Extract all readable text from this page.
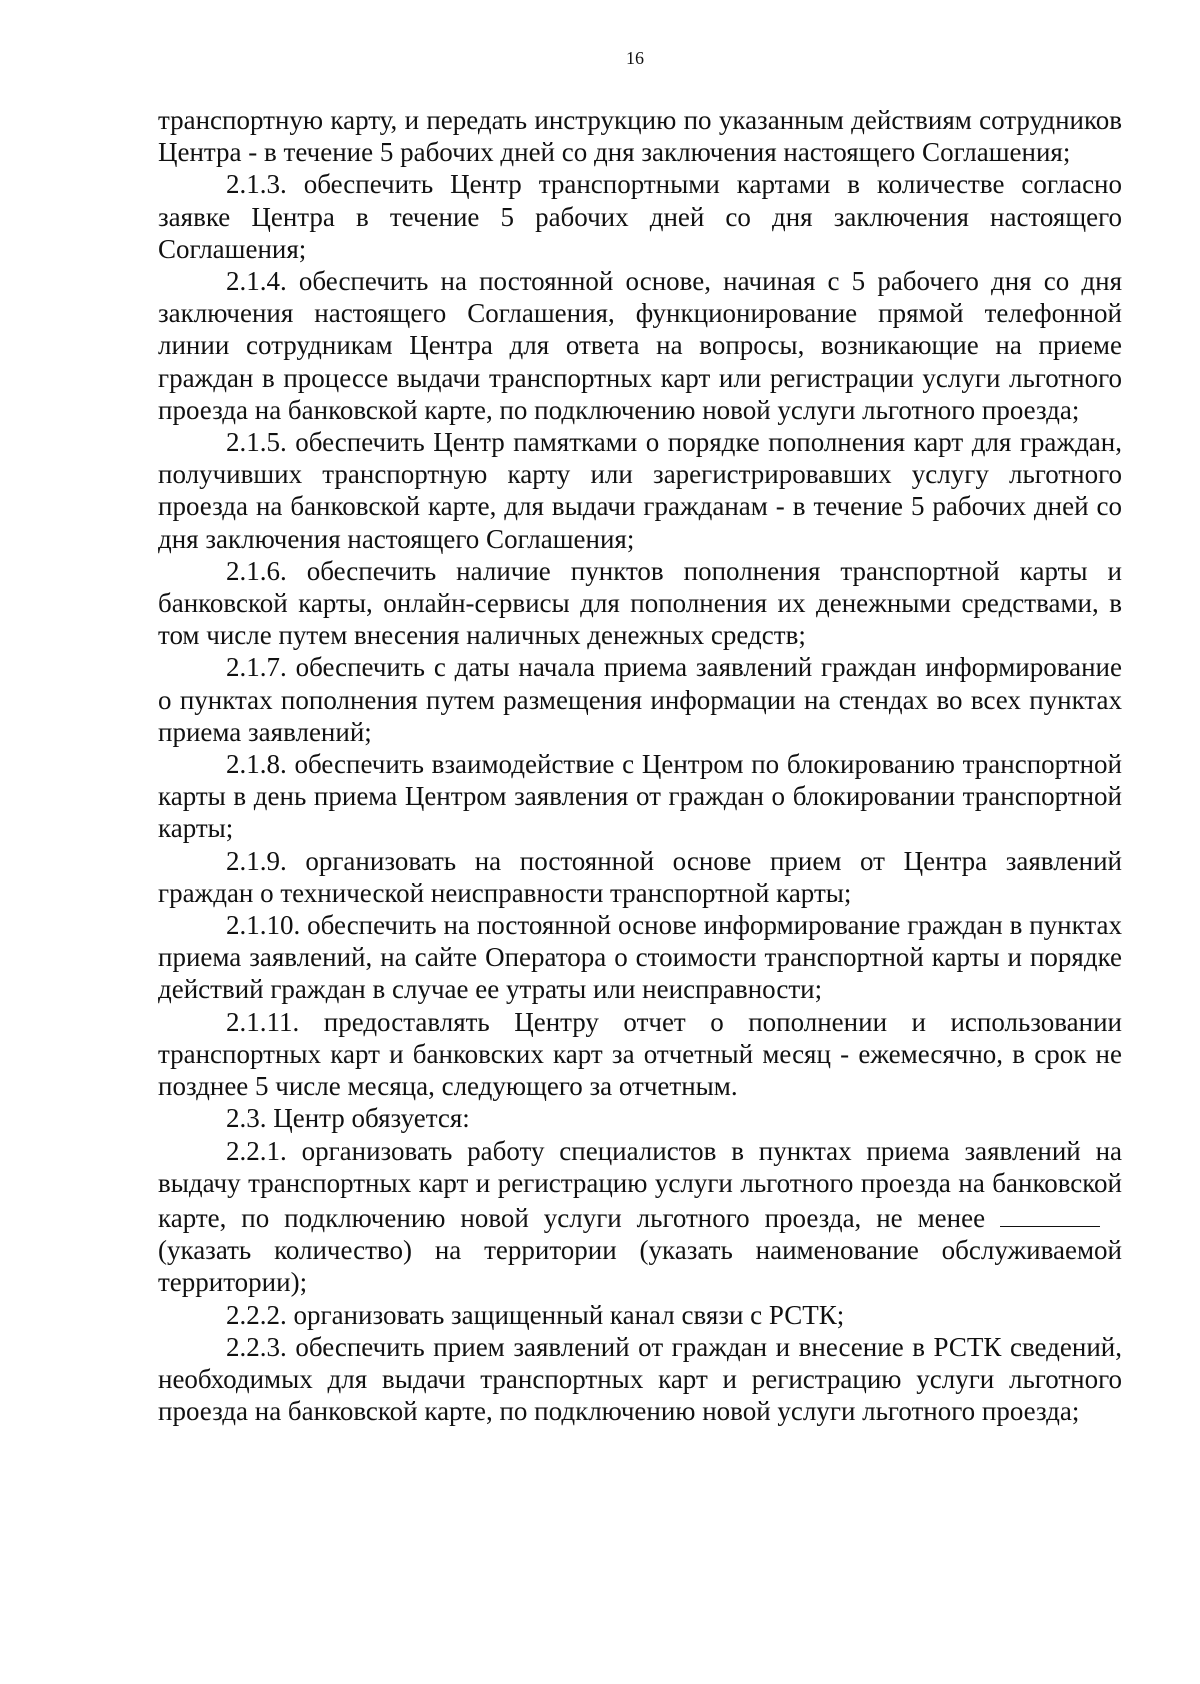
16

транспортную карту, и передать инструкцию по указанным действиям сотрудников Центра - в течение 5 рабочих дней со дня заключения настоящего Соглашения;

2.1.3. обеспечить Центр транспортными картами в количестве согласно заявке Центра в течение 5 рабочих дней со дня заключения настоящего Соглашения;

2.1.4. обеспечить на постоянной основе, начиная с 5 рабочего дня со дня заключения настоящего Соглашения, функционирование прямой телефонной линии сотрудникам Центра для ответа на вопросы, возникающие на приеме граждан в процессе выдачи транспортных карт или регистрации услуги льготного проезда на банковской карте, по подключению новой услуги льготного проезда;

2.1.5. обеспечить Центр памятками о порядке пополнения карт для граждан, получивших транспортную карту или зарегистрировавших услугу льготного проезда на банковской карте, для выдачи гражданам - в течение 5 рабочих дней со дня заключения настоящего Соглашения;

2.1.6. обеспечить наличие пунктов пополнения транспортной карты и банковской карты, онлайн-сервисы для пополнения их денежными средствами, в том числе путем внесения наличных денежных средств;

2.1.7. обеспечить с даты начала приема заявлений граждан информирование о пунктах пополнения путем размещения информации на стендах во всех пунктах приема заявлений;

2.1.8. обеспечить взаимодействие с Центром по блокированию транспортной карты в день приема Центром заявления от граждан о блокировании транспортной карты;

2.1.9. организовать на постоянной основе прием от Центра заявлений граждан о технической неисправности транспортной карты;

2.1.10. обеспечить на постоянной основе информирование граждан в пунктах приема заявлений, на сайте Оператора о стоимости транспортной карты и порядке действий граждан в случае ее утраты или неисправности;

2.1.11. предоставлять Центру отчет о пополнении и использовании транспортных карт и банковских карт за отчетный месяц - ежемесячно, в срок не позднее 5 числе месяца, следующего за отчетным.

2.3. Центр обязуется:

2.2.1. организовать работу специалистов в пунктах приема заявлений на выдачу транспортных карт и регистрацию услуги льготного проезда на банковской карте, по подключению новой услуги льготного проезда, не менее (указать количество) на территории (указать наименование обслуживаемой территории);

2.2.2. организовать защищенный канал связи с РСТК;

2.2.3. обеспечить прием заявлений от граждан и внесение в РСТК сведений, необходимых для выдачи транспортных карт и регистрацию услуги льготного проезда на банковской карте, по подключению новой услуги льготного проезда;
